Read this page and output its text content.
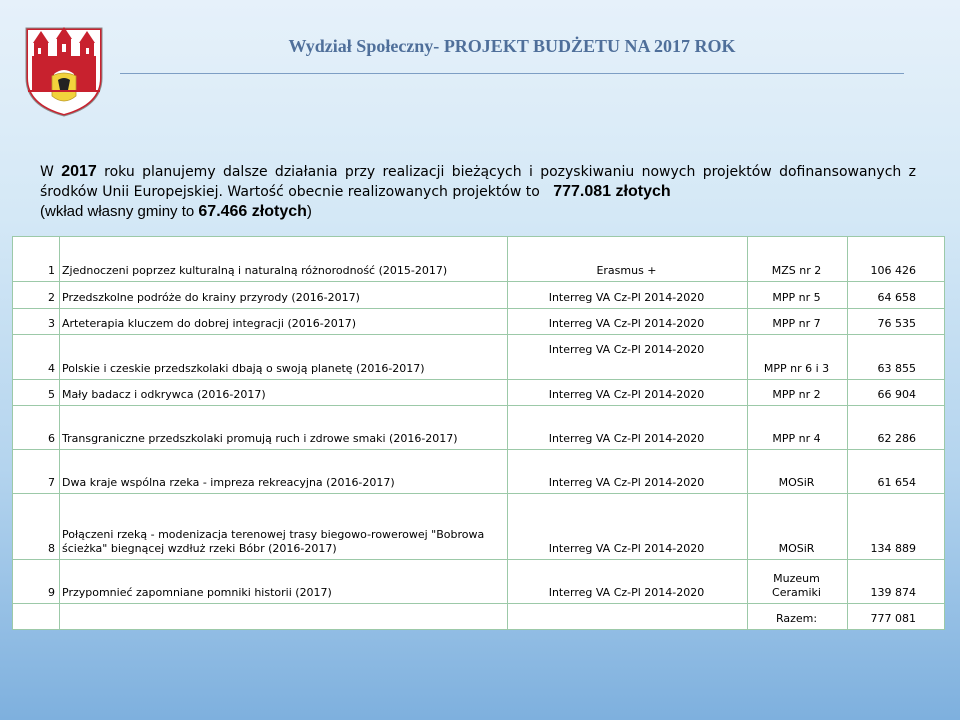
Wydział Społeczny- PROJEKT BUDŻETU NA 2017 ROK
W 2017 roku planujemy dalsze działania przy realizacji bieżących i pozyskiwaniu nowych projektów dofinansowanych z środków Unii Europejskiej. Wartość obecnie realizowanych projektów to   777.081 złotych
(wkład własny gminy to 67.466 złotych)
1	Zjednoczeni poprzez kulturalną i naturalną różnorodność (2015-2017)	Erasmus +	MZS nr 2	106 426
2	Przedszkolne podróże do krainy przyrody (2016-2017)	Interreg VA Cz-Pl 2014-2020	MPP nr 5	64 658
3	Arteterapia kluczem do dobrej integracji (2016-2017)	Interreg VA Cz-Pl 2014-2020	MPP nr 7	76 535
4	Polskie i czeskie przedszkolaki dbają o swoją planetę (2016-2017)	Interreg VA Cz-Pl 2014-2020	MPP nr 6 i 3	63 855
5	Mały badacz i odkrywca (2016-2017)	Interreg VA Cz-Pl 2014-2020	MPP nr 2	66 904
6	Transgraniczne przedszkolaki promują ruch i zdrowe smaki (2016-2017)	Interreg VA Cz-Pl 2014-2020	MPP nr 4	62 286
7	Dwa kraje wspólna rzeka - impreza rekreacyjna (2016-2017)	Interreg VA Cz-Pl 2014-2020	MOSiR	61 654
8	Połączeni rzeką - modenizacja terenowej trasy biegowo-rowerowej "Bobrowa ścieżka" biegnącej wzdłuż rzeki Bóbr (2016-2017)	Interreg VA Cz-Pl 2014-2020	MOSiR	134 889
9	Przypomnieć zapomniane pomniki historii (2017)	Interreg VA Cz-Pl 2014-2020	Muzeum Ceramiki	139 874
			Razem:	777 081
